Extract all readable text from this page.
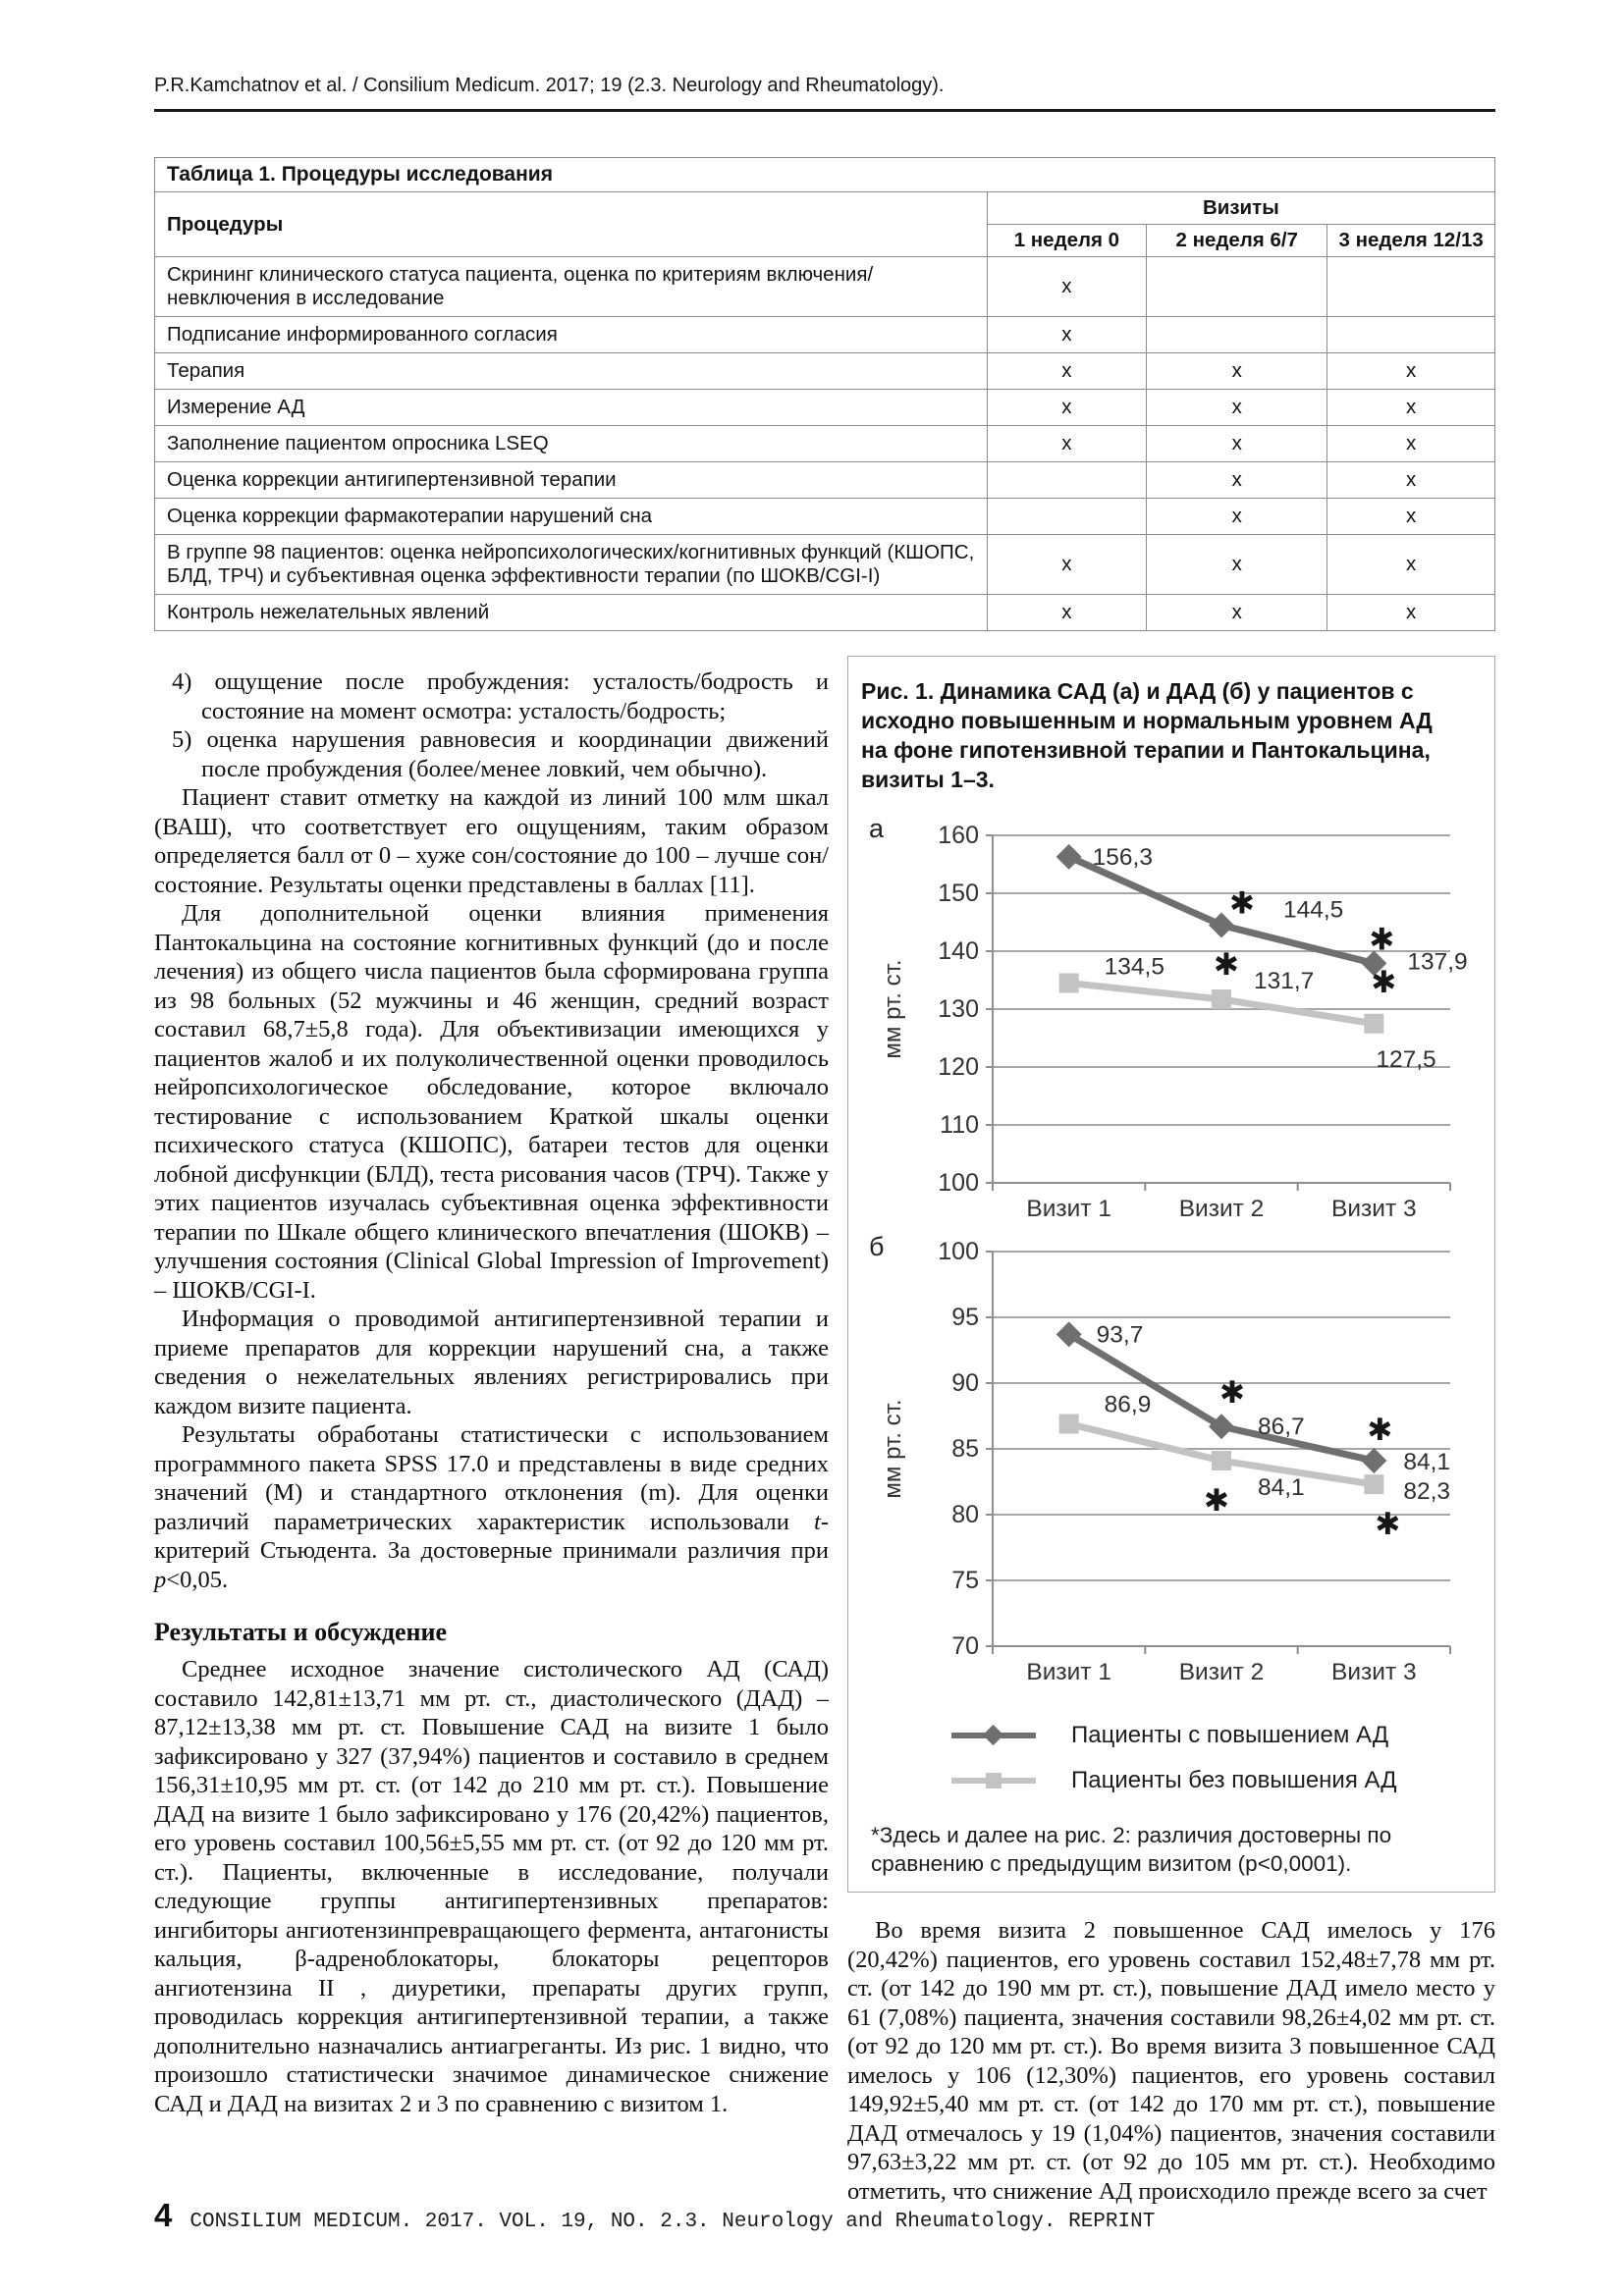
P.R.Kamchatnov et al. / Consilium Medicum. 2017; 19 (2.3. Neurology and Rheumatology).
Таблица 1. Процедуры исследования			
Процедуры	Визиты		
	1 неделя 0	2 неделя 6/7	3 неделя 12/13
Скрининг клинического статуса пациента, оценка по критериям включения/невключения в исследование	х		
Подписание информированного согласия	х		
Терапия	х	х	х
Измерение АД	х	х	х
Заполнение пациентом опросника LSEQ	х	х	х
Оценка коррекции антигипертензивной терапии		х	х
Оценка коррекции фармакотерапии нарушений сна		х	х
В группе 98 пациентов: оценка нейропсихологических/когнитивных функций (КШОПС, БЛД, ТРЧ) и субъективная оценка эффективности терапии (по ШОКВ/CGI-I)	х	х	х
Контроль нежелательных явлений	х	х	х

4) ощущение после пробуждения: усталость/бодрость и состояние на момент осмотра: усталость/бодрость;

5) оценка нарушения равновесия и координации движений после пробуждения (более/менее ловкий, чем обычно).

Пациент ставит отметку на каждой из линий 100 млм шкал (ВАШ), что соответствует его ощущениям, таким образом определяется балл от 0 – хуже сон/состояние до 100 – лучше сон/состояние. Результаты оценки представлены в баллах [11].

Для дополнительной оценки влияния применения Пантокальцина на состояние когнитивных функций (до и после лечения) из общего числа пациентов была сформирована группа из 98 больных (52 мужчины и 46 женщин, средний возраст составил 68,7±5,8 года). Для объективизации имеющихся у пациентов жалоб и их полуколичественной оценки проводилось нейропсихологическое обследование, которое включало тестирование с использованием Краткой шкалы оценки психического статуса (КШОПС), батареи тестов для оценки лобной дисфункции (БЛД), теста рисования часов (ТРЧ). Также у этих пациентов изучалась субъективная оценка эффективности терапии по Шкале общего клинического впечатления (ШОКВ) – улучшения состояния (Clinical Global Impression of Improvement) – ШОКВ/CGI-I.

Информация о проводимой антигипертензивной терапии и приеме препаратов для коррекции нарушений сна, а также сведения о нежелательных явлениях регистрировались при каждом визите пациента.

Результаты обработаны статистически с использованием программного пакета SPSS 17.0 и представлены в виде средних значений (М) и стандартного отклонения (m). Для оценки различий параметрических характеристик использовали t-критерий Стьюдента. За достоверные принимали различия при p<0,05.

Результаты и обсуждение

Среднее исходное значение систолического АД (САД) составило 142,81±13,71 мм рт. ст., диастолического (ДАД) – 87,12±13,38 мм рт. ст. Повышение САД на визите 1 было зафиксировано у 327 (37,94%) пациентов и составило в среднем 156,31±10,95 мм рт. ст. (от 142 до 210 мм рт. ст.). Повышение ДАД на визите 1 было зафиксировано у 176 (20,42%) пациентов, его уровень составил 100,56±5,55 мм рт. ст. (от 92 до 120 мм рт. ст.). Пациенты, включенные в исследование, получали следующие группы антигипертензивных препаратов: ингибиторы ангиотензинпревращающего фермента, антагонисты кальция, β-адреноблокаторы, блокаторы рецепторов ангиотензина II , диуретики, препараты других групп, проводилась коррекция антигипертензивной терапии, а также дополнительно назначались антиагреганты. Из рис. 1 видно, что произошло статистически значимое динамическое снижение САД и ДАД на визитах 2 и 3 по сравнению с визитом 1.

Рис. 1. Динамика САД (а) и ДАД (б) у пациентов с исходно повышенным и нормальным уровнем АД на фоне гипотензивной терапии и Пантокальцина, визиты 1–3.
а 160
150
140
130
120
110
100
Визит 1	Визит 2	Визит 3
мм рт. ст.
156,3
144,5
✱
137,9
✱
134,5
131,7
✱
127,5
✱
б 100
95
90
85
80
75
70
Визит 1	Визит 2	Визит 3
мм рт. ст.
93,7
86,7
✱
84,1
✱
86,9
84,1
✱	82,3
✱
Пациенты с повышением АД
Пациенты без повышения АД
*Здесь и далее на рис. 2: различия достоверны по сравнению с предыдущим визитом (p<0,0001).

Во время визита 2 повышенное САД имелось у 176 (20,42%) пациентов, его уровень составил 152,48±7,78 мм рт. ст. (от 142 до 190 мм рт. ст.), повышение ДАД имело место у 61 (7,08%) пациента, значения составили 98,26±4,02 мм рт. ст. (от 92 до 120 мм рт. ст.). Во время визита 3 повышенное САД имелось у 106 (12,30%) пациентов, его уровень составил 149,92±5,40 мм рт. ст. (от 142 до 170 мм рт. ст.), повышение ДАД отмечалось у 19 (1,04%) пациентов, значения составили 97,63±3,22 мм рт. ст. (от 92 до 105 мм рт. ст.). Необходимо отметить, что снижение АД происходило прежде всего за счет

4 CONSILIUM MEDICUM. 2017. VOL. 19, NO. 2.3. Neurology and Rheumatology. REPRINT
